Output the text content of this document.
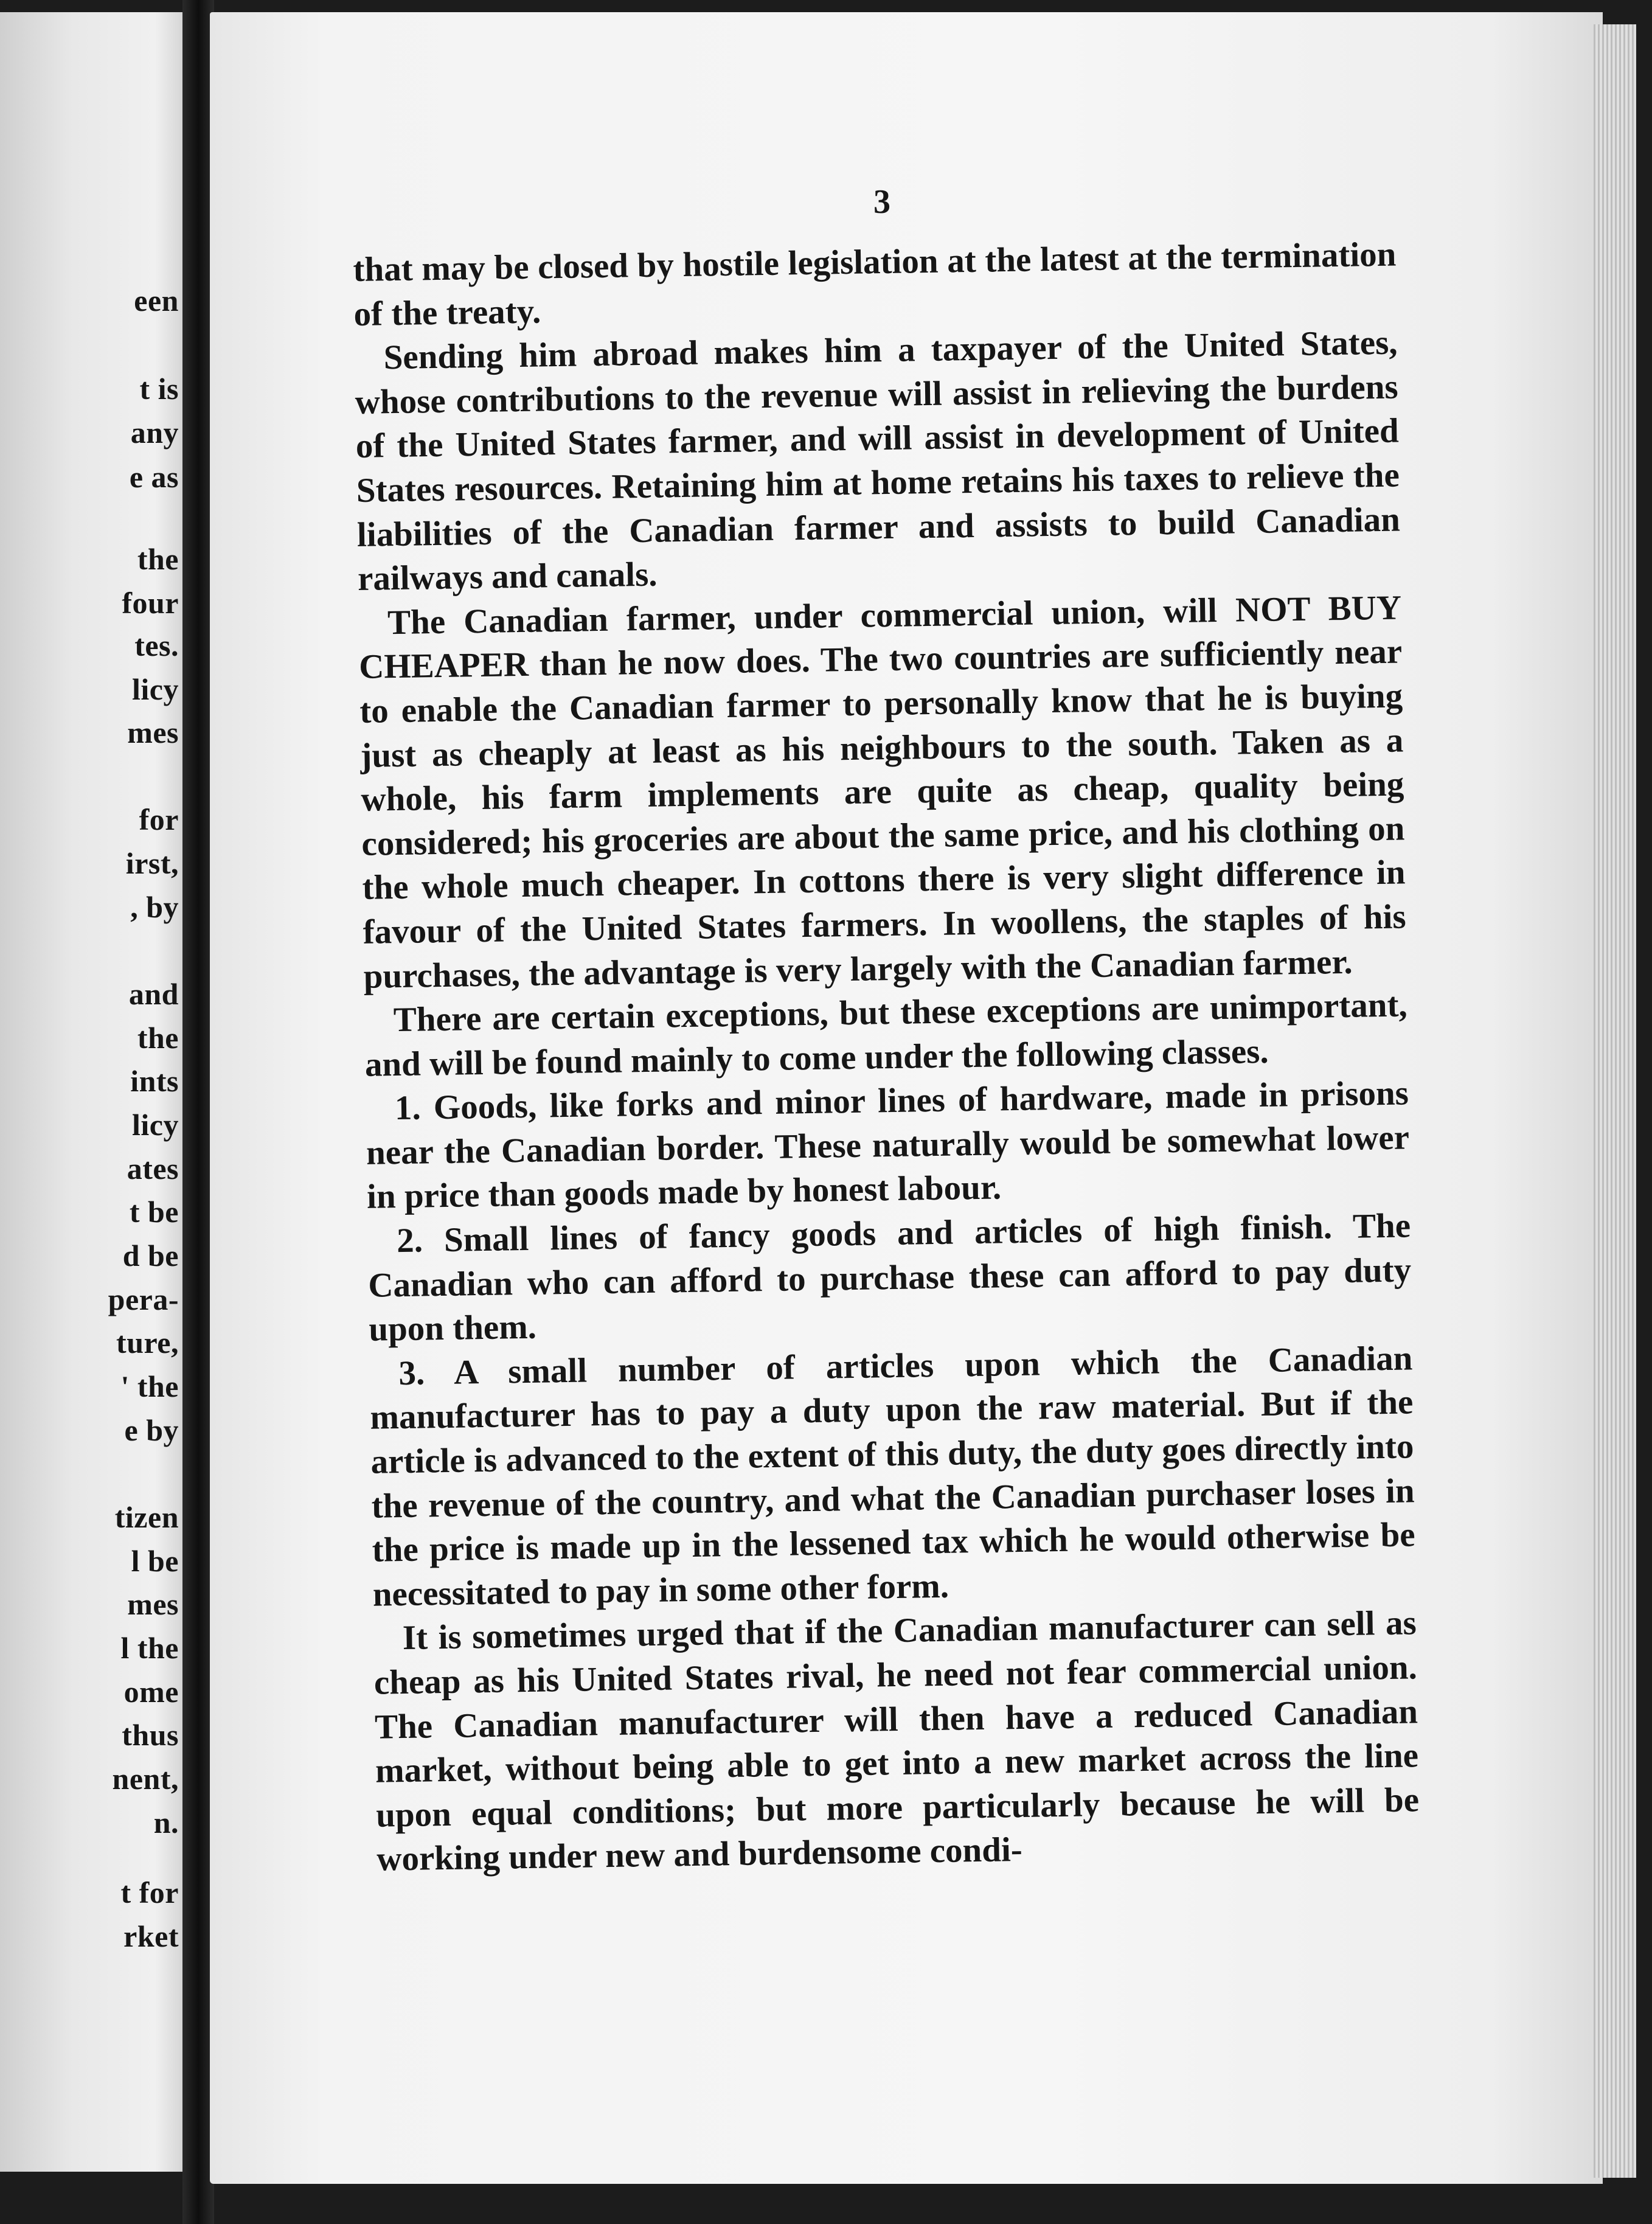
een
t is
any
e as
the
four
tes.
licy
mes
for
irst,
, by
and
the
ints
licy
ates
t be
d be
pera-
ture,
' the
e by
tizen
l be
mes
l the
ome
thus
nent,
n.
t for
rket
3

that may be closed by hostile legislation at the latest at the termination of the treaty.

Sending him abroad makes him a taxpayer of the United States, whose contributions to the revenue will assist in relieving the burdens of the United States farmer, and will assist in development of United States resources. Retaining him at home retains his taxes to relieve the liabilities of the Canadian farmer and assists to build Canadian railways and canals.

The Canadian farmer, under commercial union, will NOT BUY CHEAPER than he now does. The two countries are sufficiently near to enable the Canadian farmer to personally know that he is buying just as cheaply at least as his neighbours to the south. Taken as a whole, his farm implements are quite as cheap, quality being considered; his groceries are about the same price, and his clothing on the whole much cheaper. In cottons there is very slight difference in favour of the United States farmers. In woollens, the staples of his purchases, the advantage is very largely with the Canadian farmer.

There are certain exceptions, but these exceptions are unimportant, and will be found mainly to come under the following classes.

1. Goods, like forks and minor lines of hardware, made in prisons near the Canadian border. These naturally would be somewhat lower in price than goods made by honest labour.

2. Small lines of fancy goods and articles of high finish. The Canadian who can afford to purchase these can afford to pay duty upon them.

3. A small number of articles upon which the Canadian manufacturer has to pay a duty upon the raw material. But if the article is advanced to the extent of this duty, the duty goes directly into the revenue of the country, and what the Canadian purchaser loses in the price is made up in the lessened tax which he would otherwise be necessitated to pay in some other form.

It is sometimes urged that if the Canadian manufacturer can sell as cheap as his United States rival, he need not fear commercial union. The Canadian manufacturer will then have a reduced Canadian market, without being able to get into a new market across the line upon equal conditions; but more particularly because he will be working under new and burdensome condi-
